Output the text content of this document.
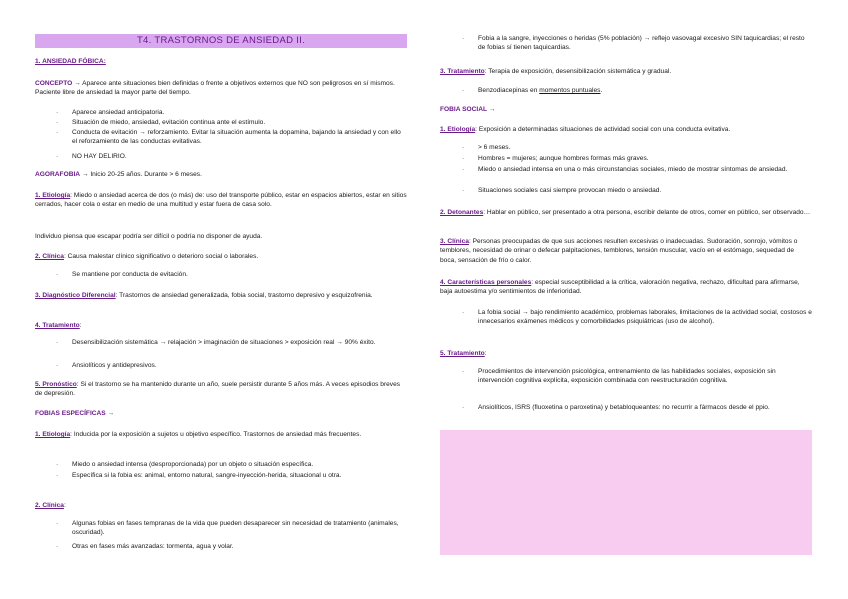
T4. TRASTORNOS DE ANSIEDAD II.

1. ANSIEDAD FÓBICA:

CONCEPTO → Aparece ante situaciones bien definidas o frente a objetivos externos que NO son peligrosos en sí mismos. Paciente libre de ansiedad la mayor parte del tiempo.

· Aparece ansiedad anticipatoria.
· Situación de miedo, ansiedad, evitación continua ante el estímulo.
· Conducta de evitación → reforzamiento. Evitar la situación aumenta la dopamina, bajando la ansiedad y con ello el reforzamiento de las conductas evitativas.
· NO HAY DELIRIO.

AGORAFOBIA → Inicio 20-25 años. Durante > 6 meses.

1. Etiología: Miedo o ansiedad acerca de dos (o más) de: uso del transporte público, estar en espacios abiertos, estar en sitios cerrados, hacer cola o estar en medio de una multitud y estar fuera de casa solo.

Individuo piensa que escapar podría ser difícil o podría no disponer de ayuda.

2. Clínica: Causa malestar clínico significativo o deterioro social o laborales.

· Se mantiene por conducta de evitación.

3. Diagnóstico Diferencial: Trastornos de ansiedad generalizada, fobia social, trastorno depresivo y esquizofrenia.

4. Tratamiento:

· Desensibilización sistemática → relajación > imaginación de situaciones > exposición real → 90% éxito.
· Ansiolíticos y antidepresivos.

5. Pronóstico: Si el trastorno se ha mantenido durante un año, suele persistir durante 5 años más. A veces episodios breves de depresión.

FOBIAS ESPECÍFICAS →

1. Etiología: Inducida por la exposición a sujetos u objetivo específico. Trastornos de ansiedad más frecuentes.

· Miedo o ansiedad intensa (desproporcionada) por un objeto o situación específica.
· Específica si la fobia es: animal, entorno natural, sangre-inyección-herida, situacional u otra.

2. Clínica:

· Algunas fobias en fases tempranas de la vida que pueden desaparecer sin necesidad de tratamiento (animales, oscuridad).
· Otras en fases más avanzadas: tormenta, agua y volar.
· Fobia a la sangre, inyecciones o heridas (5% población) → reflejo vasovagal excesivo SIN taquicardias; el resto de fobias sí tienen taquicardias.

3. Tratamiento: Terapia de exposición, desensibilización sistemática y gradual.

· Benzodiacepinas en momentos puntuales.

FOBIA SOCIAL →

1. Etiología: Exposición a determinadas situaciones de actividad social con una conducta evitativa.

· > 6 meses.
· Hombres = mujeres; aunque hombres formas más graves.
· Miedo o ansiedad intensa en una o más circunstancias sociales, miedo de mostrar síntomas de ansiedad.
· Situaciones sociales casi siempre provocan miedo o ansiedad.

2. Detonantes: Hablar en público, ser presentado a otra persona, escribir delante de otros, comer en público, ser observado…

3. Clínica: Personas preocupadas de que sus acciones resulten excesivas o inadecuadas. Sudoración, sonrojo, vómitos o temblores, necesidad de orinar o defecar palpitaciones, temblores, tensión muscular, vacío en el estómago, sequedad de boca, sensación de frío o calor.

4. Características personales: especial susceptibilidad a la crítica, valoración negativa, rechazo, dificultad para afirmarse, baja autoestima y/o sentimientos de inferioridad.

· La fobia social → bajo rendimiento académico, problemas laborales, limitaciones de la actividad social, costosos e innecesarios exámenes médicos y comorbilidades psiquiátricas (uso de alcohol).

5. Tratamiento:

· Procedimientos de intervención psicológica, entrenamiento de las habilidades sociales, exposición sin intervención cognitiva explícita, exposición combinada con reestructuración cognitiva.
· Ansiolíticos, ISRS (fluoxetina o paroxetina) y betabloqueantes: no recurrir a fármacos desde el ppio.
